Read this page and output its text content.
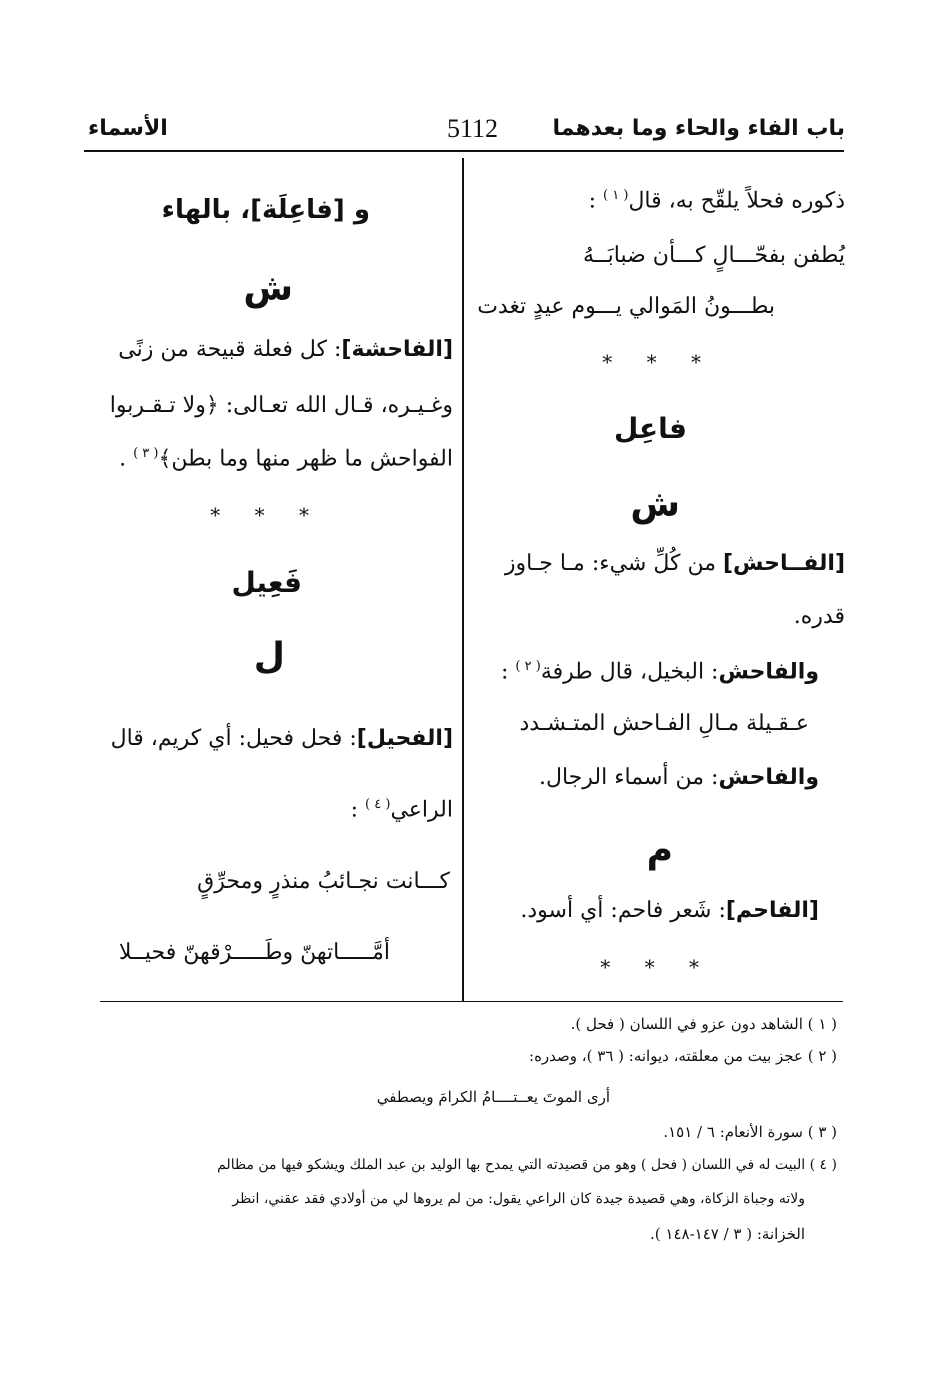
باب الفاء والحاء وما بعدهما
5112
الأسماء
ذكوره فحلاً يلقّح به، قال$^{( ١ )}$ :
يُطفن بفحّـــالٍ كـــأن ضبابَــهُ
بطـــونُ المَوالي يـــوم عيدٍ تغدت
* * *
فاعِل
ش
[الفــاحش] من كُلِّ شيء: مـا جـاوز
قدره.
والفاحش: البخيل، قال طرفة$^{( ٢ )}$ :
عـقـيلة مـالِ الفـاحش المتـشـدد
والفاحش: من أسماء الرجال.
م
[الفاحم]: شَعر فاحم: أي أسود.
* * *
و [فاعِلَة]، بالهاء
ش
[الفاحشة]: كل فعلة قبيحة من زنًى
وغـيـره، قـال الله تعـالى: ﴿ولا تـقـربوا
الفواحش ما ظهر منها وما بطن﴾$^{( ٣ )}$ .
* * *
فَعِيل
ل
[الفحيل]: فحل فحيل: أي كريم، قال
الراعي$^{( ٤ )}$ :
كـــانت نجـائبُ منذرٍ ومحرِّقٍ
أمَّـــــاتهنّ وطَـــــرْقهنّ فحيــلا
( ١ ) الشاهد دون عزو في اللسان ( فحل ).
( ٢ ) عجز بيت من معلقته، ديوانه: ( ٣٦ )، وصدره:
أرى الموتَ يعــتــــامُ الكرامَ ويصطفي
( ٣ ) سورة الأنعام: ٦ / ١٥١.
( ٤ ) البيت له في اللسان ( فحل ) وهو من قصيدته التي يمدح بها الوليد بن عبد الملك ويشكو فيها من مظالم
ولاته وجباة الزكاة، وهي قصيدة جيدة كان الراعي يقول: من لم يروها لي من أولادي فقد عقني، انظر
الخزانة: ( ٣ / ١٤٧-١٤٨ ).
